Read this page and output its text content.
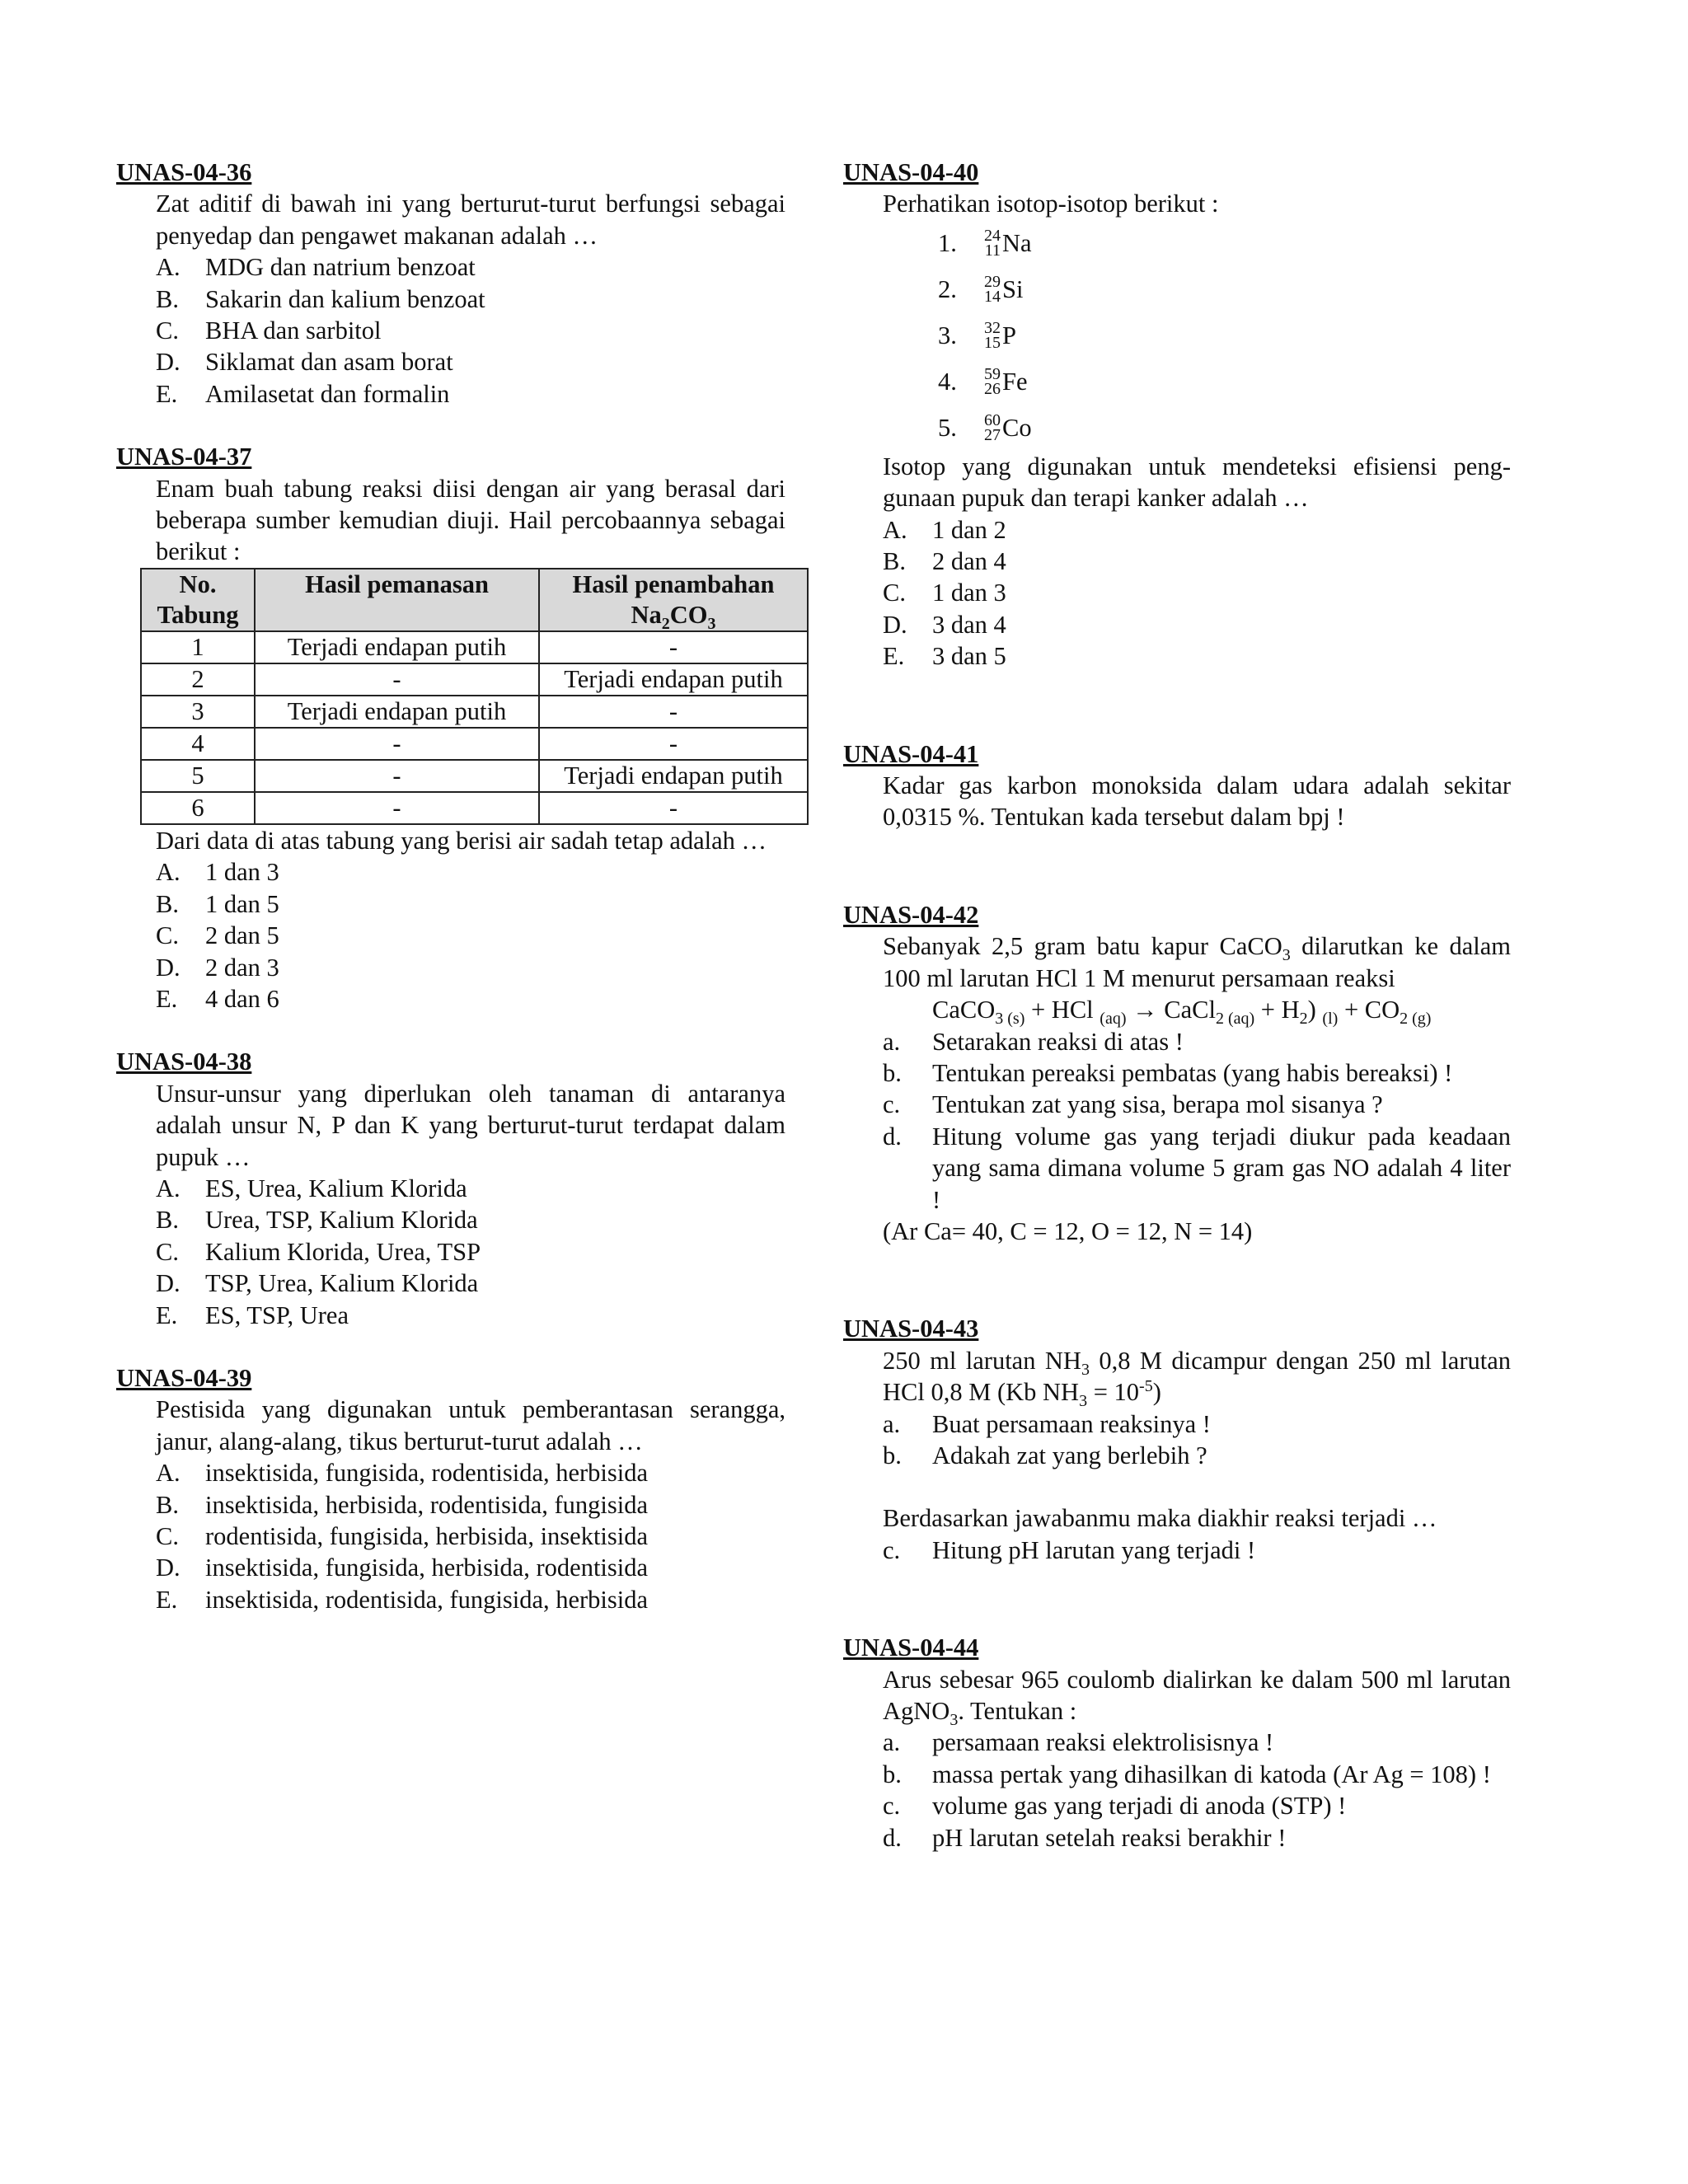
UNAS-04-36
Zat aditif di bawah ini yang berturut-turut berfungsi sebagai penyedap dan pengawet makanan adalah …
A. MDG dan natrium benzoat
B.	Sakarin dan kalium benzoat
C.	BHA dan sarbitol
D. Siklamat dan asam borat
E.	Amilasetat dan formalin
UNAS-04-37
Enam buah tabung reaksi diisi dengan air yang berasal dari beberapa sumber kemudian diuji. Hail percobaannya sebagai berikut :
No.
Tabung	Hasil pemanasan	Hasil penambahan
$Na_2CO_3$
1	Terjadi endapan putih	-
2	-	Terjadi endapan putih
3	Terjadi endapan putih	-
4	-	-
5	-	Terjadi endapan putih
6	-	-
Dari data di atas tabung yang berisi air sadah tetap adalah …
A. 1 dan 3
B.	1 dan 5
C.	2 dan 5
D. 2 dan 3
E.	4 dan 6
UNAS-04-38
Unsur-unsur yang diperlukan oleh tanaman di antaranya adalah unsur N, P dan K yang berturut-turut terdapat dalam pupuk …
A. ES, Urea, Kalium Klorida
B.	Urea, TSP, Kalium Klorida
C.	Kalium Klorida, Urea, TSP
D. TSP, Urea, Kalium Klorida
E.	ES, TSP, Urea
UNAS-04-39
Pestisida yang digunakan untuk pemberantasan serangga, janur, alang-alang, tikus berturut-turut adalah …
A. insektisida, fungisida, rodentisida, herbisida
B.	insektisida, herbisida, rodentisida, fungisida
C.	rodentisida, fungisida, herbisida, insektisida
D. insektisida, fungisida, herbisida, rodentisida
E.	insektisida, rodentisida, fungisida, herbisida
UNAS-04-40
Perhatikan isotop-isotop berikut :
1.	24
11 Na
2.	29
14 Si
3.	32
15 P
4.	59
26 Fe
5.	60
27 Co
Isotop yang digunakan untuk mendeteksi efisiensi peng-gunaan pupuk dan terapi kanker adalah …
A. 1 dan 2
B.	2 dan 4
C.	1 dan 3
D. 3 dan 4
E.	3 dan 5
UNAS-04-41
Kadar gas karbon monoksida dalam udara adalah sekitar 0,0315 %. Tentukan kada tersebut dalam bpj !
UNAS-04-42
Sebanyak 2,5 gram batu kapur CaCO$_3$ dilarutkan ke dalam 100 ml larutan HCl 1 M menurut persamaan reaksi
CaCO$_{3 (s)}$ + HCl $_{(aq)}$ → CaCl$_{2 (aq)}$ + $H_2$) $_{(l)} + CO_{2 (g)}$
a.	Setarakan reaksi di atas !
b.	Tentukan pereaksi pembatas (yang habis bereaksi) !
c.	Tentukan zat yang sisa, berapa mol sisanya ?
d.	Hitung volume gas yang terjadi diukur pada keadaan yang sama dimana volume 5 gram gas NO adalah 4 liter !
(Ar Ca= 40, C = 12, O = 12, N = 14)
UNAS-04-43
250 ml larutan $NH_3$ 0,8 M dicampur dengan 250 ml larutan HCl 0,8 M (Kb $NH_3 = 10^{-5}$)
a.	Buat persamaan reaksinya !
b.	Adakah zat yang berlebih ?
Berdasarkan jawabanmu maka diakhir reaksi terjadi …
c.	Hitung pH larutan yang terjadi !
UNAS-04-44
Arus sebesar 965 coulomb dialirkan ke dalam 500 ml larutan AgNO$_3$. Tentukan :
a.	persamaan reaksi elektrolisisnya !
b.	massa pertak yang dihasilkan di katoda (Ar Ag = 108) !
c.	volume gas yang terjadi di anoda (STP) !
d.	pH larutan setelah reaksi berakhir !
